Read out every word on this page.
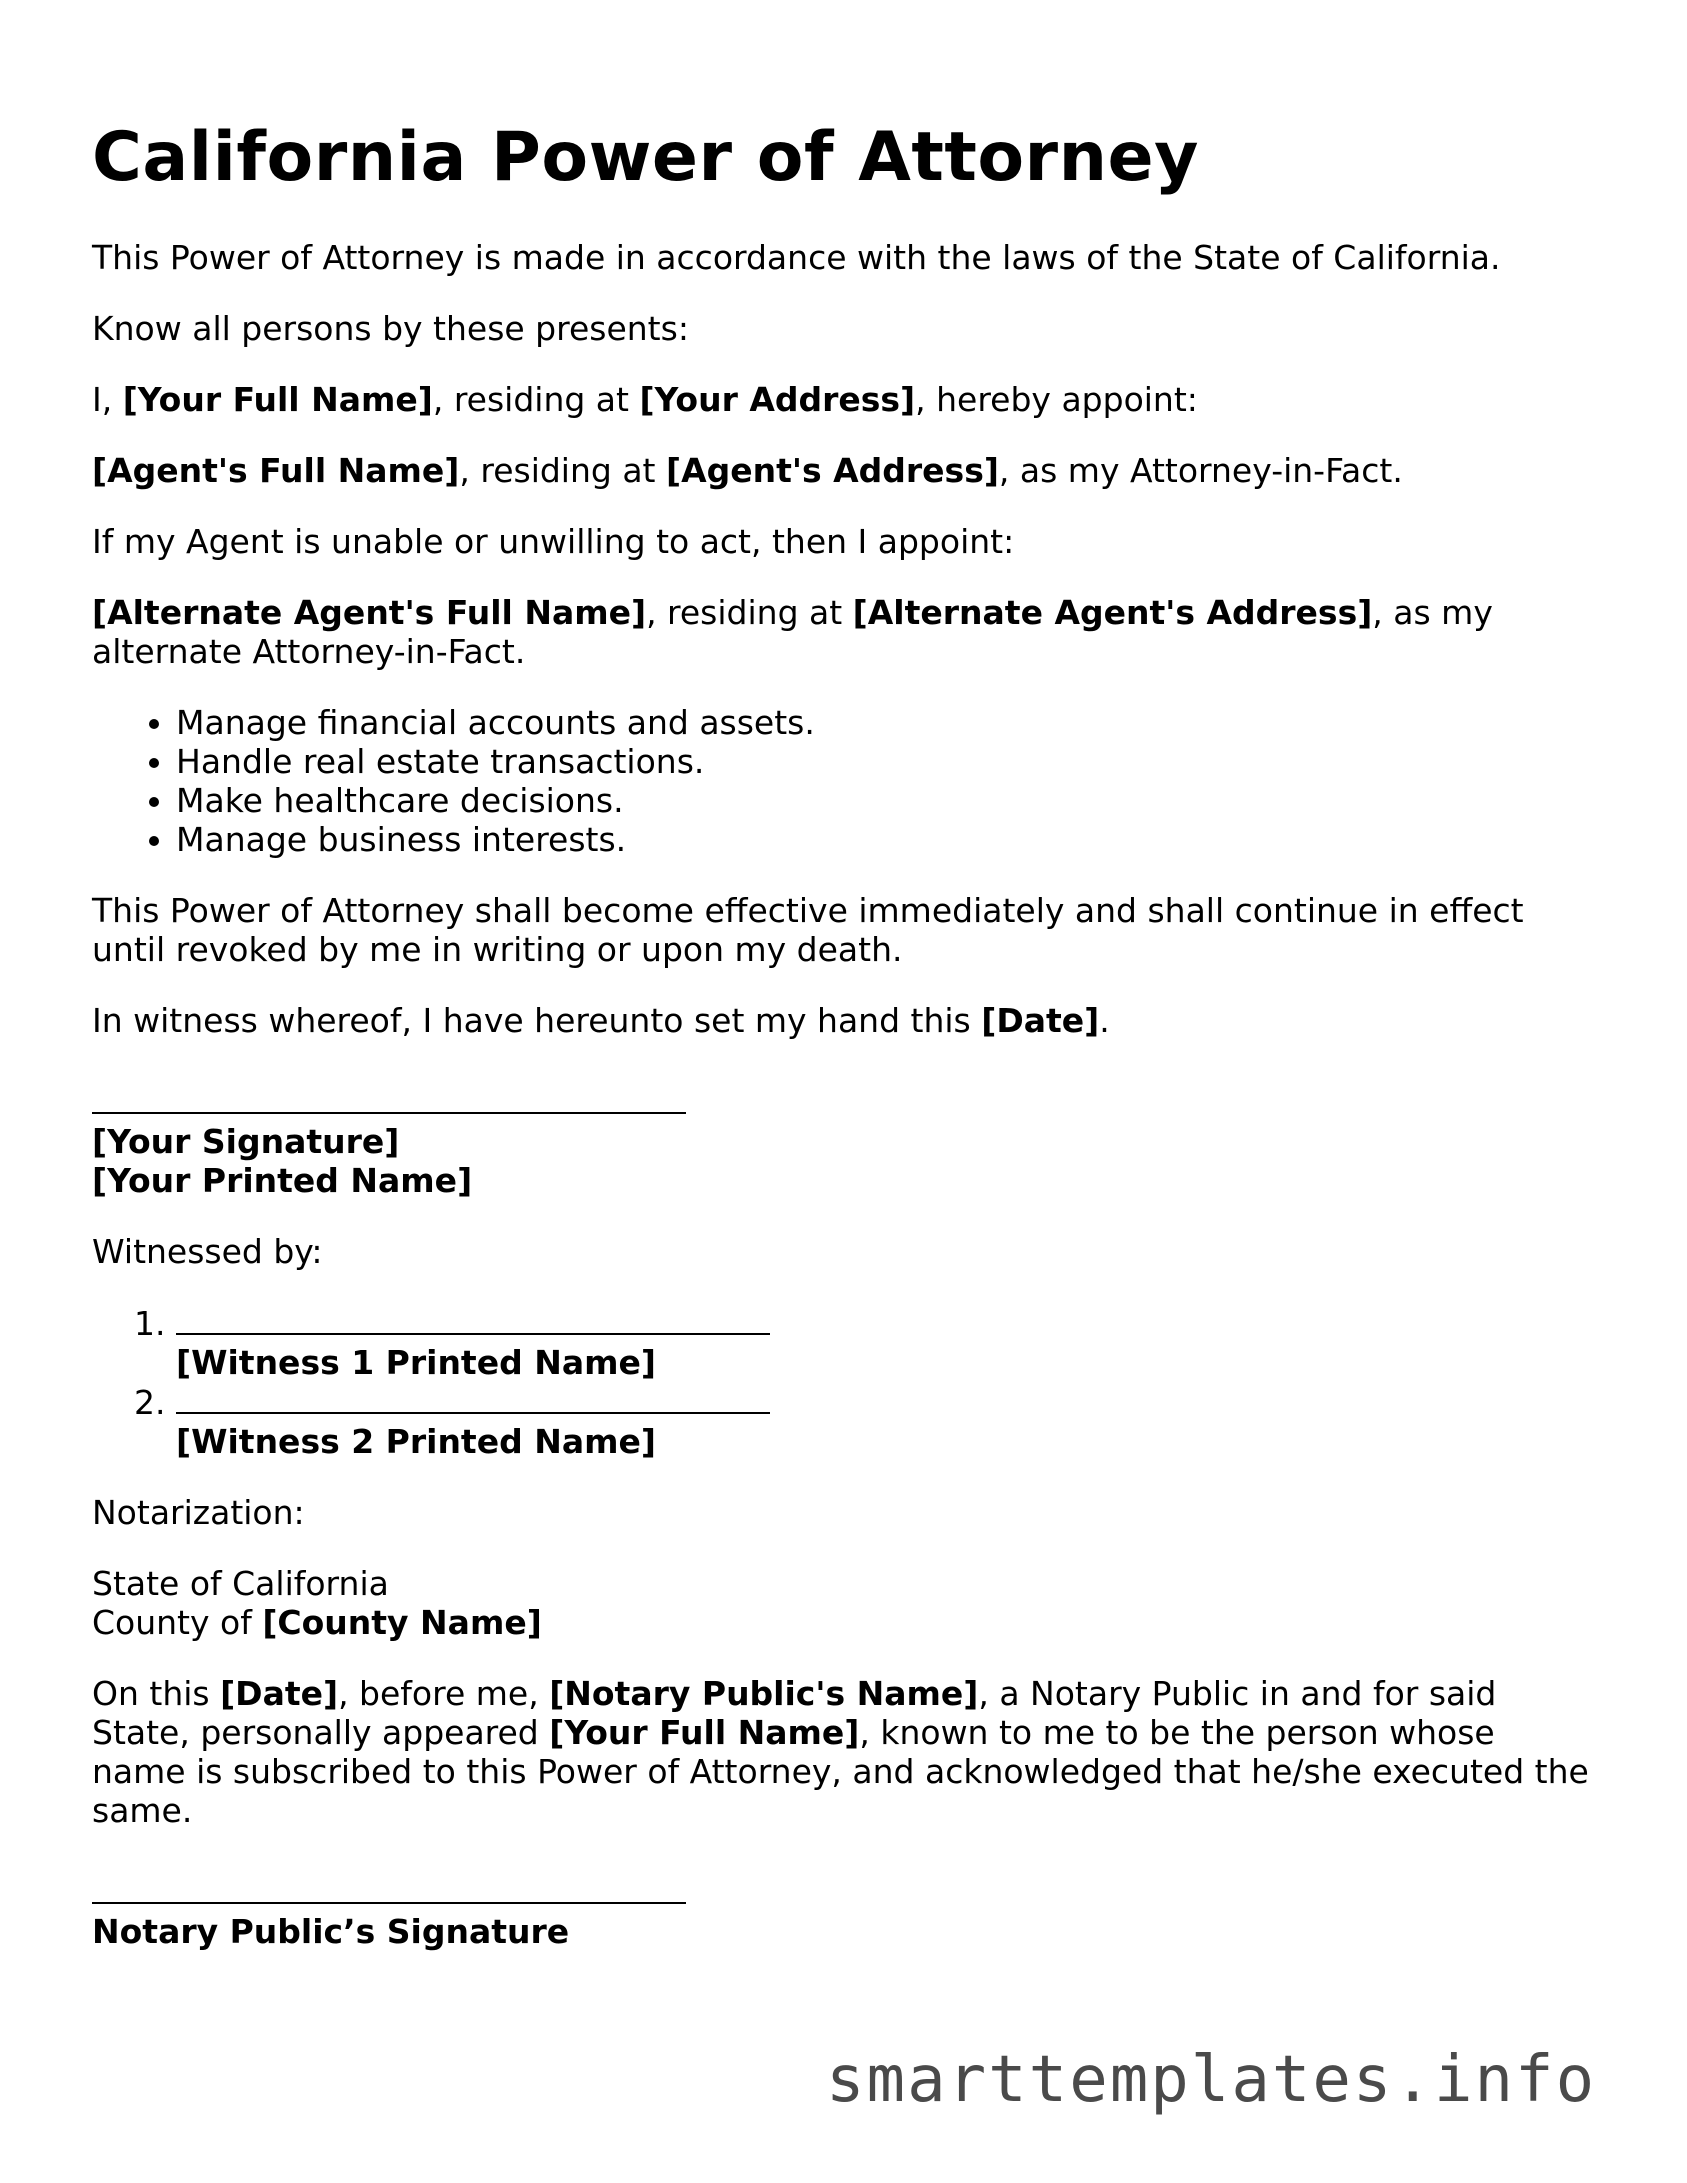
California Power of Attorney

This Power of Attorney is made in accordance with the laws of the State of California.

Know all persons by these presents:

I, [Your Full Name], residing at [Your Address], hereby appoint:

[Agent's Full Name], residing at [Agent's Address], as my Attorney-in-Fact.

If my Agent is unable or unwilling to act, then I appoint:

[Alternate Agent's Full Name], residing at [Alternate Agent's Address], as my alternate Attorney-in-Fact.

• Manage financial accounts and assets.
• Handle real estate transactions.
• Make healthcare decisions.
• Manage business interests.

This Power of Attorney shall become effective immediately and shall continue in effect until revoked by me in writing or upon my death.

In witness whereof, I have hereunto set my hand this [Date].

[Your Signature]
[Your Printed Name]

Witnessed by:

1. [Witness 1 Printed Name]

2. [Witness 2 Printed Name]

Notarization:

State of California
County of [County Name]

On this [Date], before me, [Notary Public's Name], a Notary Public in and for said State, personally appeared [Your Full Name], known to me to be the person whose name is subscribed to this Power of Attorney, and acknowledged that he/she executed the same.

Notary Public’s Signature
smarttemplates.info
